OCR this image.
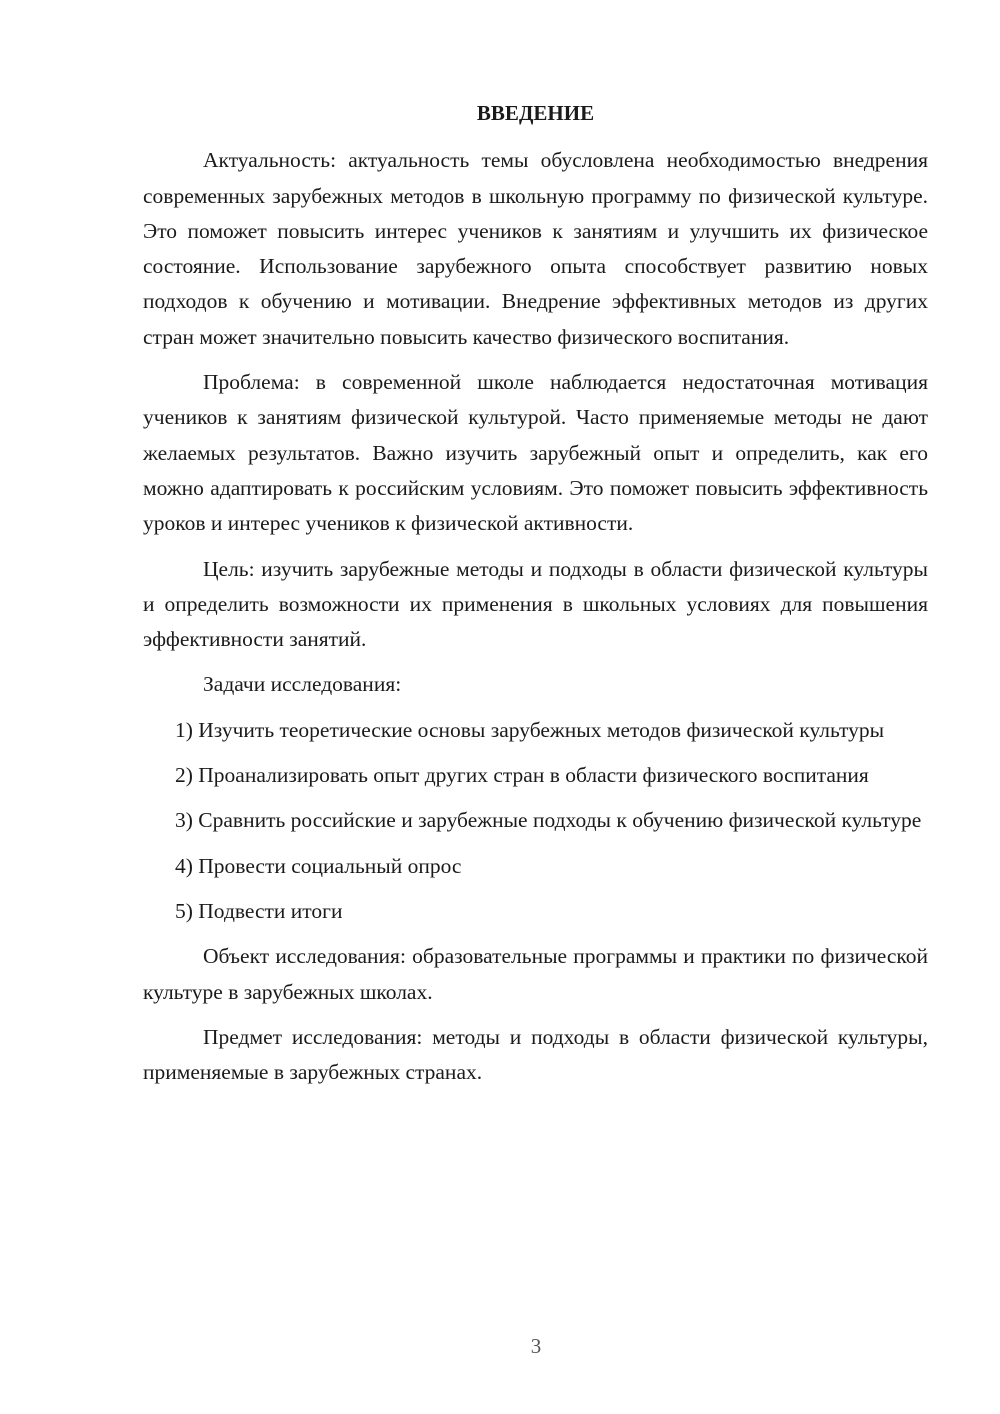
ВВЕДЕНИЕ

Актуальность: актуальность темы обусловлена необходимостью внедрения современных зарубежных методов в школьную программу по физической культуре. Это поможет повысить интерес учеников к занятиям и улучшить их физическое состояние. Использование зарубежного опыта способствует развитию новых подходов к обучению и мотивации. Внедрение эффективных методов из других стран может значительно повысить качество физического воспитания.

Проблема: в современной школе наблюдается недостаточная мотивация учеников к занятиям физической культурой. Часто применяемые методы не дают желаемых результатов. Важно изучить зарубежный опыт и определить, как его можно адаптировать к российским условиям. Это поможет повысить эффективность уроков и интерес учеников к физической активности.

Цель: изучить зарубежные методы и подходы в области физической культуры и определить возможности их применения в школьных условиях для повышения эффективности занятий.

Задачи исследования:

1) Изучить теоретические основы зарубежных методов физической культуры

2) Проанализировать опыт других стран в области физического воспитания

3) Сравнить российские и зарубежные подходы к обучению физической культуре

4) Провести социальный опрос

5) Подвести итоги

Объект исследования: образовательные программы и практики по физической культуре в зарубежных школах.

Предмет исследования: методы и подходы в области физической культуры, применяемые в зарубежных странах.

3
